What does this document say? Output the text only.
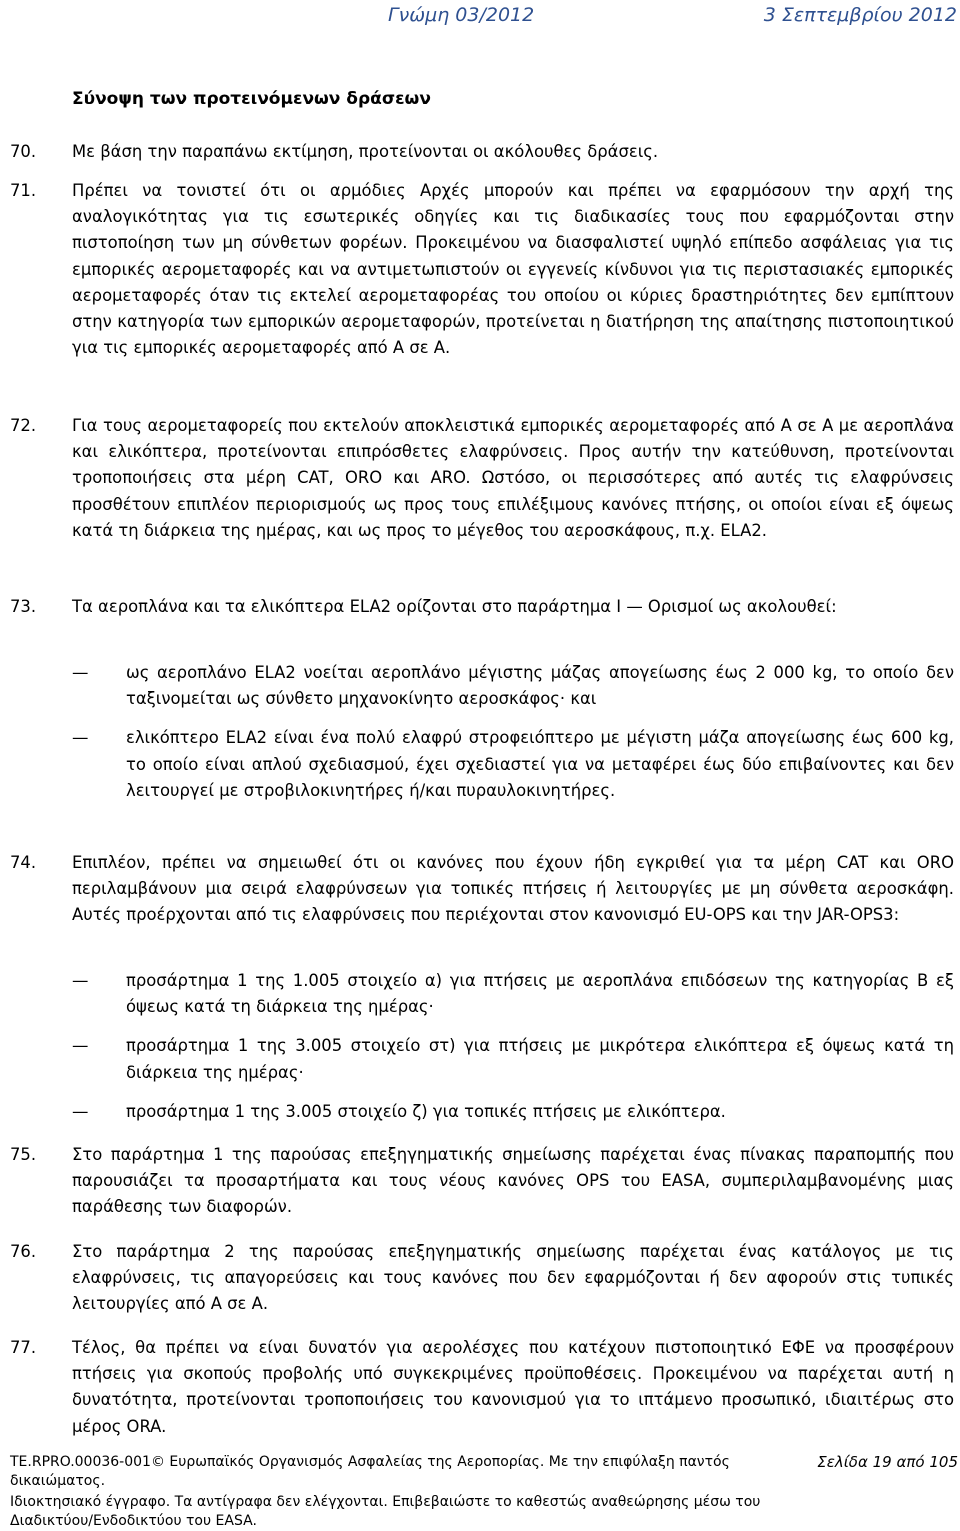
Γνώμη 03/2012	3 Σεπτεμβρίου 2012
Σύνοψη των προτεινόμενων δράσεων
70. Με βάση την παραπάνω εκτίμηση, προτείνονται οι ακόλουθες δράσεις.
71. Πρέπει να τονιστεί ότι οι αρμόδιες Αρχές μπορούν και πρέπει να εφαρμόσουν την αρχή της αναλογικότητας για τις εσωτερικές οδηγίες και τις διαδικασίες τους που εφαρμόζονται στην πιστοποίηση των μη σύνθετων φορέων. Προκειμένου να διασφαλιστεί υψηλό επίπεδο ασφάλειας για τις εμπορικές αερομεταφορές και να αντιμετωπιστούν οι εγγενείς κίνδυνοι για τις περιστασιακές εμπορικές αερομεταφορές όταν τις εκτελεί αερομεταφορέας του οποίου οι κύριες δραστηριότητες δεν εμπίπτουν στην κατηγορία των εμπορικών αερομεταφορών, προτείνεται η διατήρηση της απαίτησης πιστοποιητικού για τις εμπορικές αερομεταφορές από Α σε Α.
72. Για τους αερομεταφορείς που εκτελούν αποκλειστικά εμπορικές αερομεταφορές από Α σε Α με αεροπλάνα και ελικόπτερα, προτείνονται επιπρόσθετες ελαφρύνσεις. Προς αυτήν την κατεύθυνση, προτείνονται τροποποιήσεις στα μέρη CAT, ORO και ARO. Ωστόσο, οι περισσότερες από αυτές τις ελαφρύνσεις προσθέτουν επιπλέον περιορισμούς ως προς τους επιλέξιμους κανόνες πτήσης, οι οποίοι είναι εξ όψεως κατά τη διάρκεια της ημέρας, και ως προς το μέγεθος του αεροσκάφους, π.χ. ELA2.
73. Τα αεροπλάνα και τα ελικόπτερα ELA2 ορίζονται στο παράρτημα I — Ορισμοί ως ακολουθεί:
— ως αεροπλάνο ELA2 νοείται αεροπλάνο μέγιστης μάζας απογείωσης έως 2 000 kg, το οποίο δεν ταξινομείται ως σύνθετο μηχανοκίνητο αεροσκάφος· και
— ελικόπτερο ELA2 είναι ένα πολύ ελαφρύ στροφειόπτερο με μέγιστη μάζα απογείωσης έως 600 kg, το οποίο είναι απλού σχεδιασμού, έχει σχεδιαστεί για να μεταφέρει έως δύο επιβαίνοντες και δεν λειτουργεί με στροβιλοκινητήρες ή/και πυραυλοκινητήρες.
74. Επιπλέον, πρέπει να σημειωθεί ότι οι κανόνες που έχουν ήδη εγκριθεί για τα μέρη CAT και ORO περιλαμβάνουν μια σειρά ελαφρύνσεων για τοπικές πτήσεις ή λειτουργίες με μη σύνθετα αεροσκάφη. Αυτές προέρχονται από τις ελαφρύνσεις που περιέχονται στον κανονισμό EU-OPS και την JAR-OPS3:
— προσάρτημα 1 της 1.005 στοιχείο α) για πτήσεις με αεροπλάνα επιδόσεων της κατηγορίας B εξ όψεως κατά τη διάρκεια της ημέρας·
— προσάρτημα 1 της 3.005 στοιχείο στ) για πτήσεις με μικρότερα ελικόπτερα εξ όψεως κατά τη διάρκεια της ημέρας·
— προσάρτημα 1 της 3.005 στοιχείο ζ) για τοπικές πτήσεις με ελικόπτερα.
75. Στο παράρτημα 1 της παρούσας επεξηγηματικής σημείωσης παρέχεται ένας πίνακας παραπομπής που παρουσιάζει τα προσαρτήματα και τους νέους κανόνες OPS του EASA, συμπεριλαμβανομένης μιας παράθεσης των διαφορών.
76. Στο παράρτημα 2 της παρούσας επεξηγηματικής σημείωσης παρέχεται ένας κατάλογος με τις ελαφρύνσεις, τις απαγορεύσεις και τους κανόνες που δεν εφαρμόζονται ή δεν αφορούν στις τυπικές λειτουργίες από Α σε Α.
77. Τέλος, θα πρέπει να είναι δυνατόν για αερολέσχες που κατέχουν πιστοποιητικό ΕΦΕ να προσφέρουν πτήσεις για σκοπούς προβολής υπό συγκεκριμένες προϋποθέσεις. Προκειμένου να παρέχεται αυτή η δυνατότητα, προτείνονται τροποποιήσεις του κανονισμού για το ιπτάμενο προσωπικό, ιδιαιτέρως στο μέρος ORA.
TE.RPRO.00036-001© Ευρωπαϊκός Οργανισμός Ασφαλείας της Αεροπορίας. Με την επιφύλαξη παντός δικαιώματος.
Σελίδα 19 από 105
Ιδιοκτησιακό έγγραφο. Τα αντίγραφα δεν ελέγχονται. Επιβεβαιώστε το καθεστώς αναθεώρησης μέσω του Διαδικτύου/Ενδοδικτύου του EASA.
